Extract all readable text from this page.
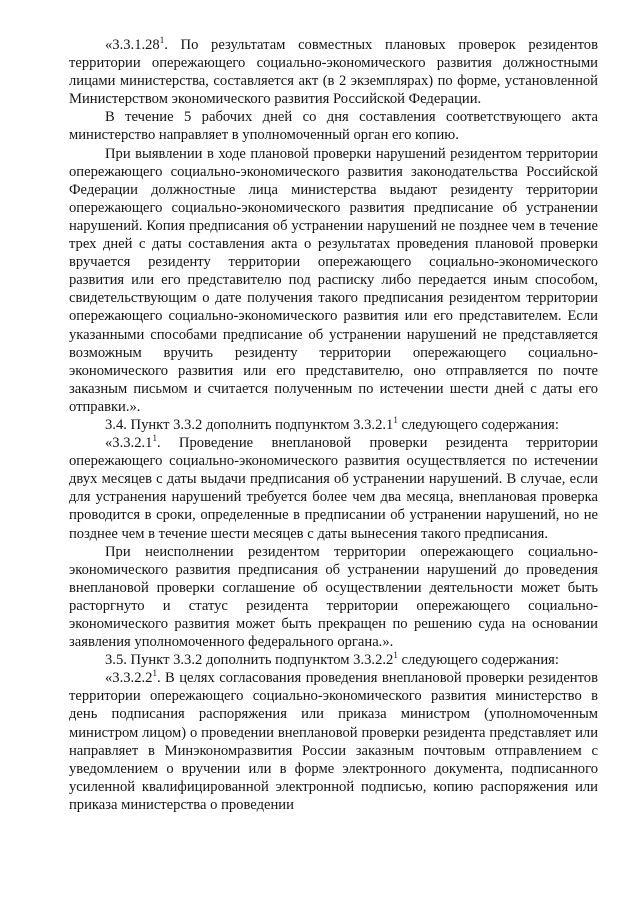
«3.3.1.28$^1$. По результатам совместных плановых проверок резидентов территории опережающего социально-экономического развития должностными лицами министерства, составляется акт (в 2 экземплярах) по форме, установленной Министерством экономического развития Российской Федерации.

В течение 5 рабочих дней со дня составления соответствующего акта министерство направляет в уполномоченный орган его копию.

При выявлении в ходе плановой проверки нарушений резидентом территории опережающего социально-экономического развития законодательства Российской Федерации должностные лица министерства выдают резиденту территории опережающего социально-экономического развития предписание об устранении нарушений. Копия предписания об устранении нарушений не позднее чем в течение трех дней с даты составления акта о результатах проведения плановой проверки вручается резиденту территории опережающего социально-экономического развития или его представителю под расписку либо передается иным способом, свидетельствующим о дате получения такого предписания резидентом территории опережающего социально-экономического развития или его представителем. Если указанными способами предписание об устранении нарушений не представляется возможным вручить резиденту территории опережающего социально-экономического развития или его представителю, оно отправляется по почте заказным письмом и считается полученным по истечении шести дней с даты его отправки.».

3.4. Пункт 3.3.2 дополнить подпунктом 3.3.2.1$^1$ следующего содержания:

«3.3.2.1$^1$. Проведение внеплановой проверки резидента территории опережающего социально-экономического развития осуществляется по истечении двух месяцев с даты выдачи предписания об устранении нарушений. В случае, если для устранения нарушений требуется более чем два месяца, внеплановая проверка проводится в сроки, определенные в предписании об устранении нарушений, но не позднее чем в течение шести месяцев с даты вынесения такого предписания.

При неисполнении резидентом территории опережающего социально-экономического развития предписания об устранении нарушений до проведения внеплановой проверки соглашение об осуществлении деятельности может быть расторгнуто и статус резидента территории опережающего социально-экономического развития может быть прекращен по решению суда на основании заявления уполномоченного федерального органа.».

3.5. Пункт 3.3.2 дополнить подпунктом 3.3.2.2$^1$ следующего содержания:

«3.3.2.2$^1$. В целях согласования проведения внеплановой проверки резидентов территории опережающего социально-экономического развития министерство в день подписания распоряжения или приказа министром (уполномоченным министром лицом) о проведении внеплановой проверки резидента представляет или направляет в Минэкономразвития России заказным почтовым отправлением с уведомлением о вручении или в форме электронного документа, подписанного усиленной квалифицированной электронной подписью, копию распоряжения или приказа министерства о проведении
